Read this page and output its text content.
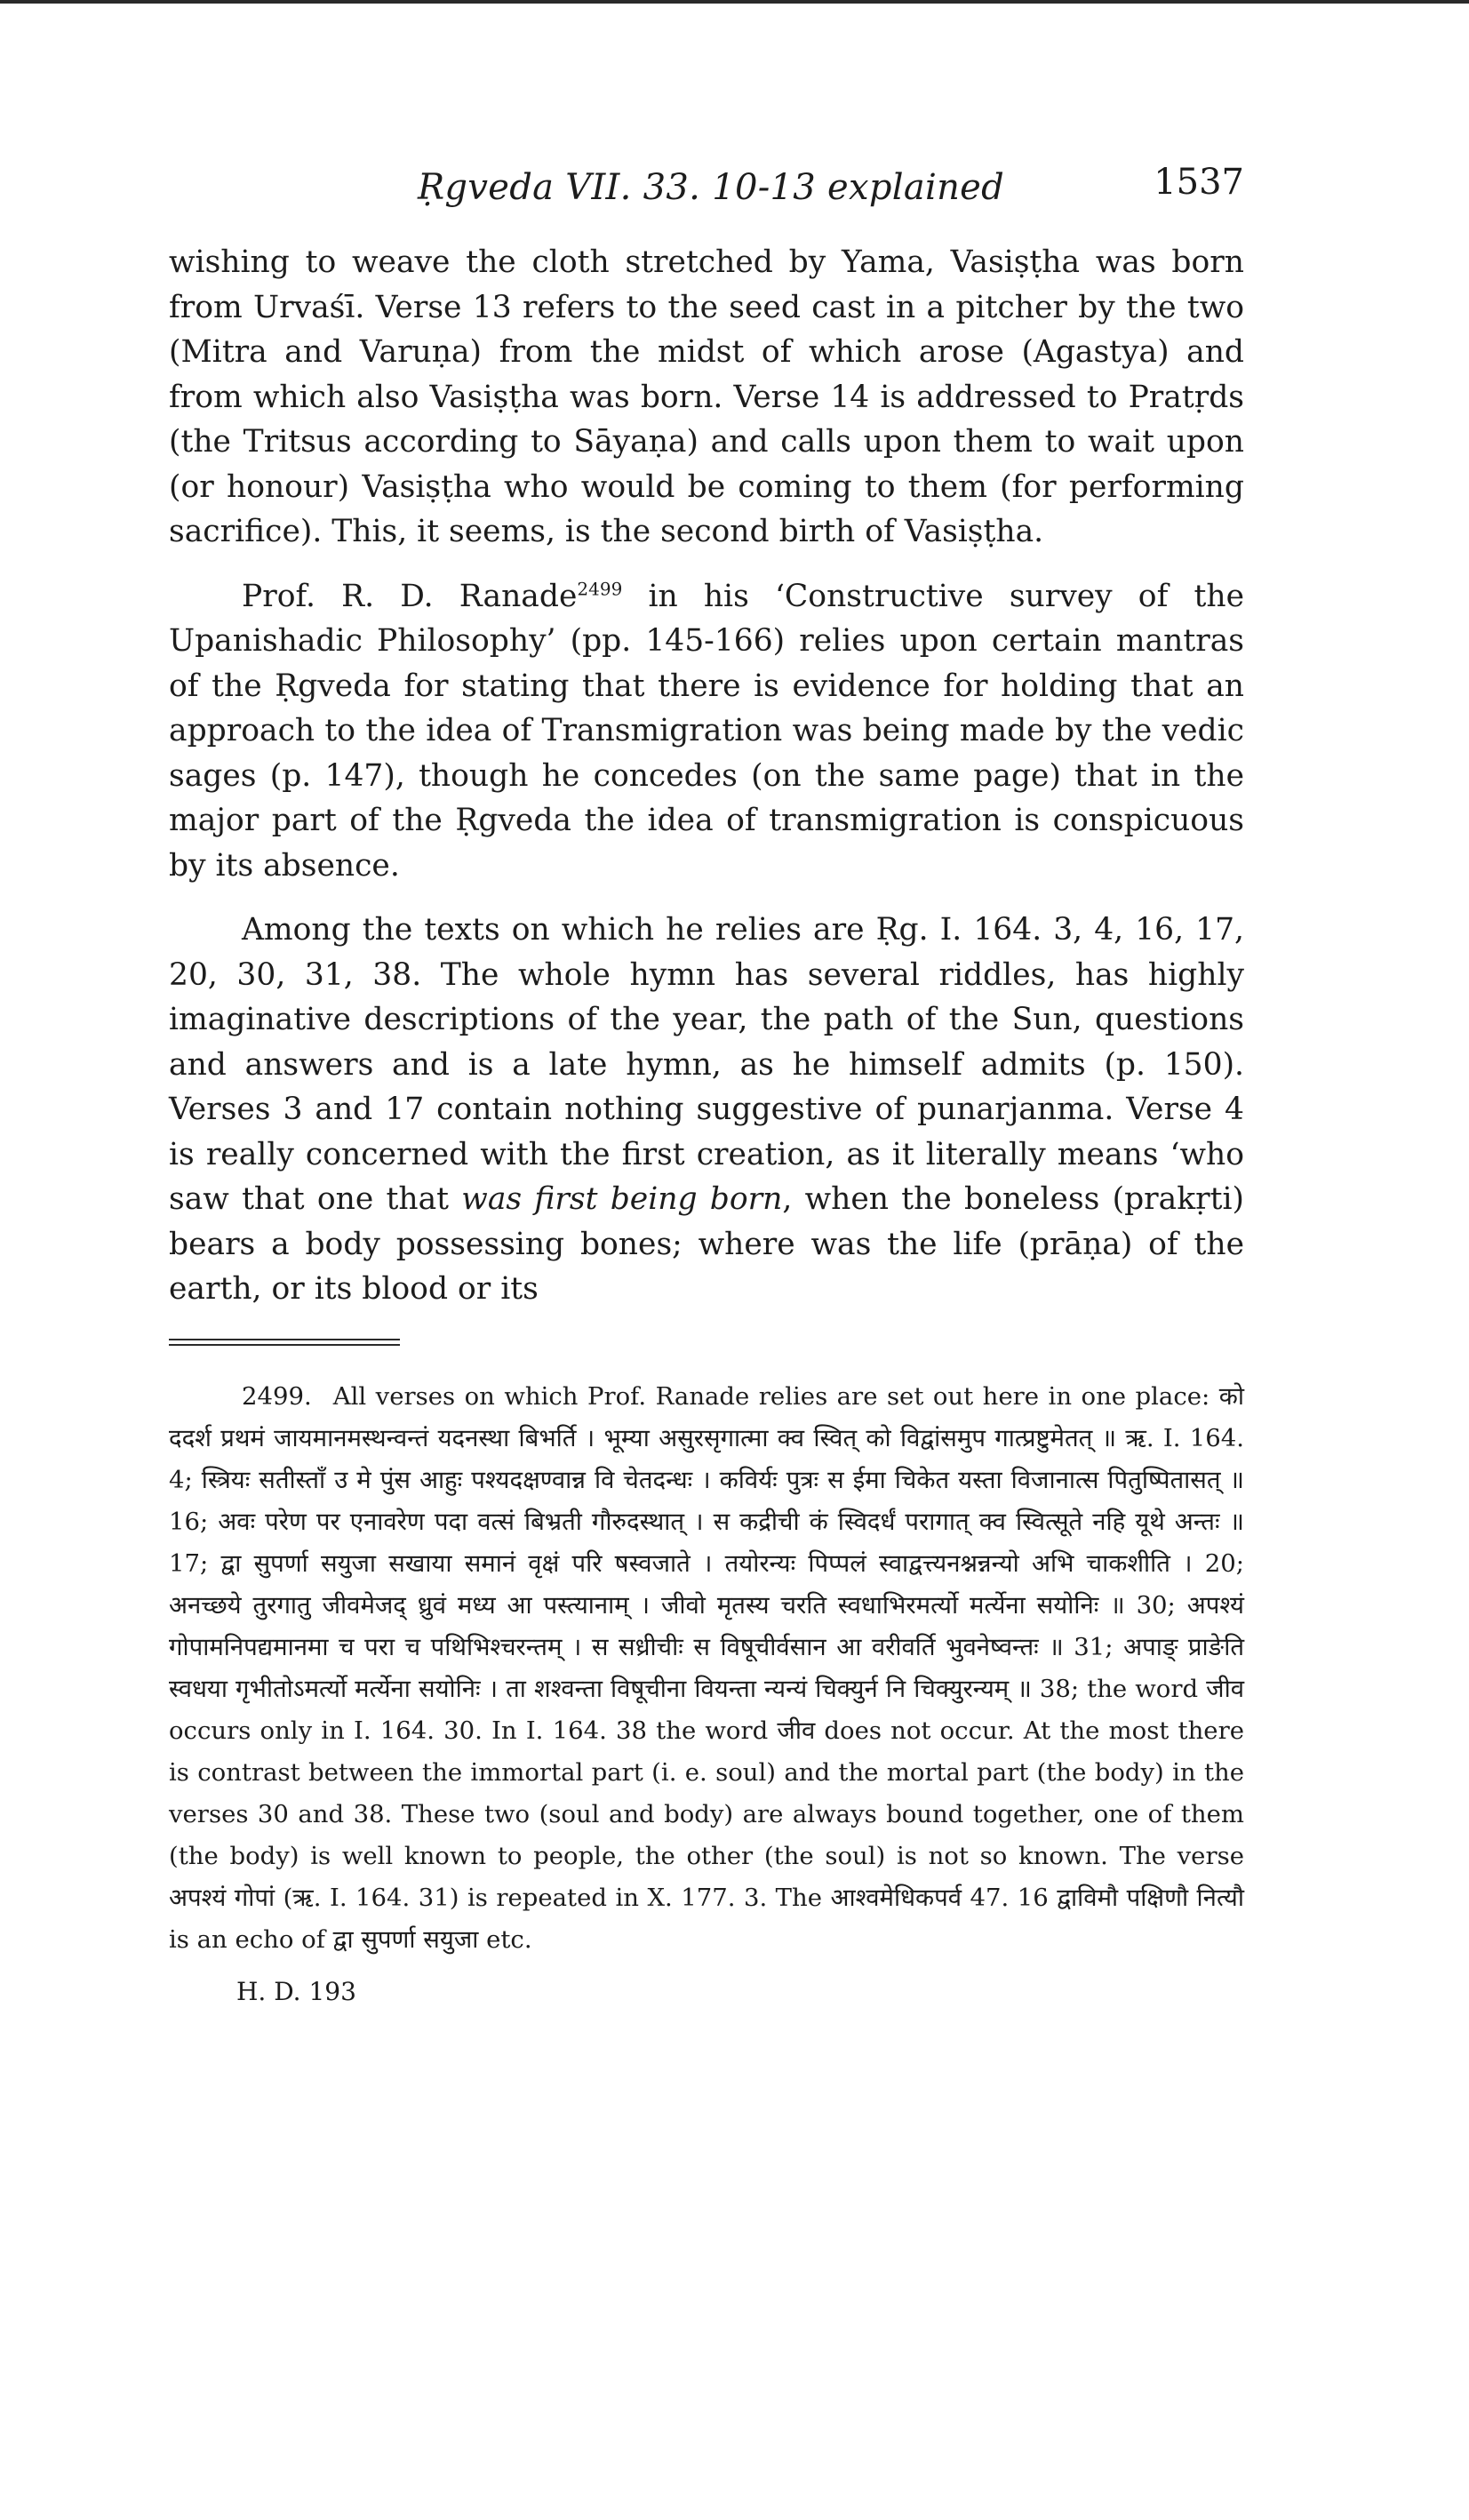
Ṛgveda VII. 33. 10-13 explained	1537

wishing to weave the cloth stretched by Yama, Vasiṣṭha was born from Urvaśī. Verse 13 refers to the seed cast in a pitcher by the two (Mitra and Varuṇa) from the midst of which arose (Agastya) and from which also Vasiṣṭha was born. Verse 14 is addressed to Pratṛds (the Tritsus according to Sāyaṇa) and calls upon them to wait upon (or honour) Vasiṣṭha who would be coming to them (for performing sacrifice). This, it seems, is the second birth of Vasiṣṭha.

Prof. R. D. Ranade$^{2499}$ in his ‘Constructive survey of the Upanishadic Philosophy’ (pp. 145-166) relies upon certain mantras of the Ṛgveda for stating that there is evidence for holding that an approach to the idea of Transmigration was being made by the vedic sages (p. 147), though he concedes (on the same page) that in the major part of the Ṛgveda the idea of transmigration is conspicuous by its absence.

Among the texts on which he relies are Ṛg. I. 164. 3, 4, 16, 17, 20, 30, 31, 38. The whole hymn has several riddles, has highly imaginative descriptions of the year, the path of the Sun, questions and answers and is a late hymn, as he himself admits (p. 150). Verses 3 and 17 contain nothing suggestive of punarjanma. Verse 4 is really concerned with the first creation, as it literally means ‘who saw that one that was first being born, when the boneless (prakṛti) bears a body possessing bones; where was the life (prāṇa) of the earth, or its blood or its

2499. All verses on which Prof. Ranade relies are set out here in one place: को ददर्श प्रथमं जायमानमस्थन्वन्तं यदनस्था बिभर्ति । भूम्या असुरसृगात्मा क्व स्वित् को विद्वांसमुप गात्प्रष्टुमेतत् ॥ ऋ. I. 164. 4; स्त्रियः सतीस्ताँ उ मे पुंस आहुः पश्यदक्षण्वान्न वि चेतदन्धः । कविर्यः पुत्रः स ईमा चिकेत यस्ता विजानात्स पितुष्पितासत् ॥ 16; अवः परेण पर एनावरेण पदा वत्सं बिभ्रती गौरुदस्थात् । स कद्रीची कं स्विदर्धं परागात् क्व स्वित्सूते नहि यूथे अन्तः ॥ 17; द्वा सुपर्णा सयुजा सखाया समानं वृक्षं परि षस्वजाते । तयोरन्यः पिप्पलं स्वाद्वत्त्यनश्नन्नन्यो अभि चाकशीति । 20; अनच्छये तुरगातु जीवमेजद् ध्रुवं मध्य आ पस्त्यानाम् । जीवो मृतस्य चरति स्वधाभिरमर्त्यो मर्त्येना सयोनिः ॥ 30; अपश्यं गोपामनिपद्यमानमा च परा च पथिभिश्चरन्तम् । स सध्रीचीः स विषूचीर्वसान आ वरीवर्ति भुवनेष्वन्तः ॥ 31; अपाङ् प्राङेति स्वधया गृभीतोऽमर्त्यो मर्त्येना सयोनिः । ता शश्वन्ता विषूचीना वियन्ता न्यन्यं चिक्युर्न नि चिक्युरन्यम् ॥ 38; the word जीव occurs only in I. 164. 30. In I. 164. 38 the word जीव does not occur. At the most there is contrast between the immortal part (i. e. soul) and the mortal part (the body) in the verses 30 and 38. These two (soul and body) are always bound together, one of them (the body) is well known to people, the other (the soul) is not so known. The verse अपश्यं गोपां (ऋ. I. 164. 31) is repeated in X. 177. 3. The आश्वमेधिकपर्व 47. 16 द्वाविमौ पक्षिणौ नित्यौ is an echo of द्वा सुपर्णा सयुजा etc.
H. D. 193
